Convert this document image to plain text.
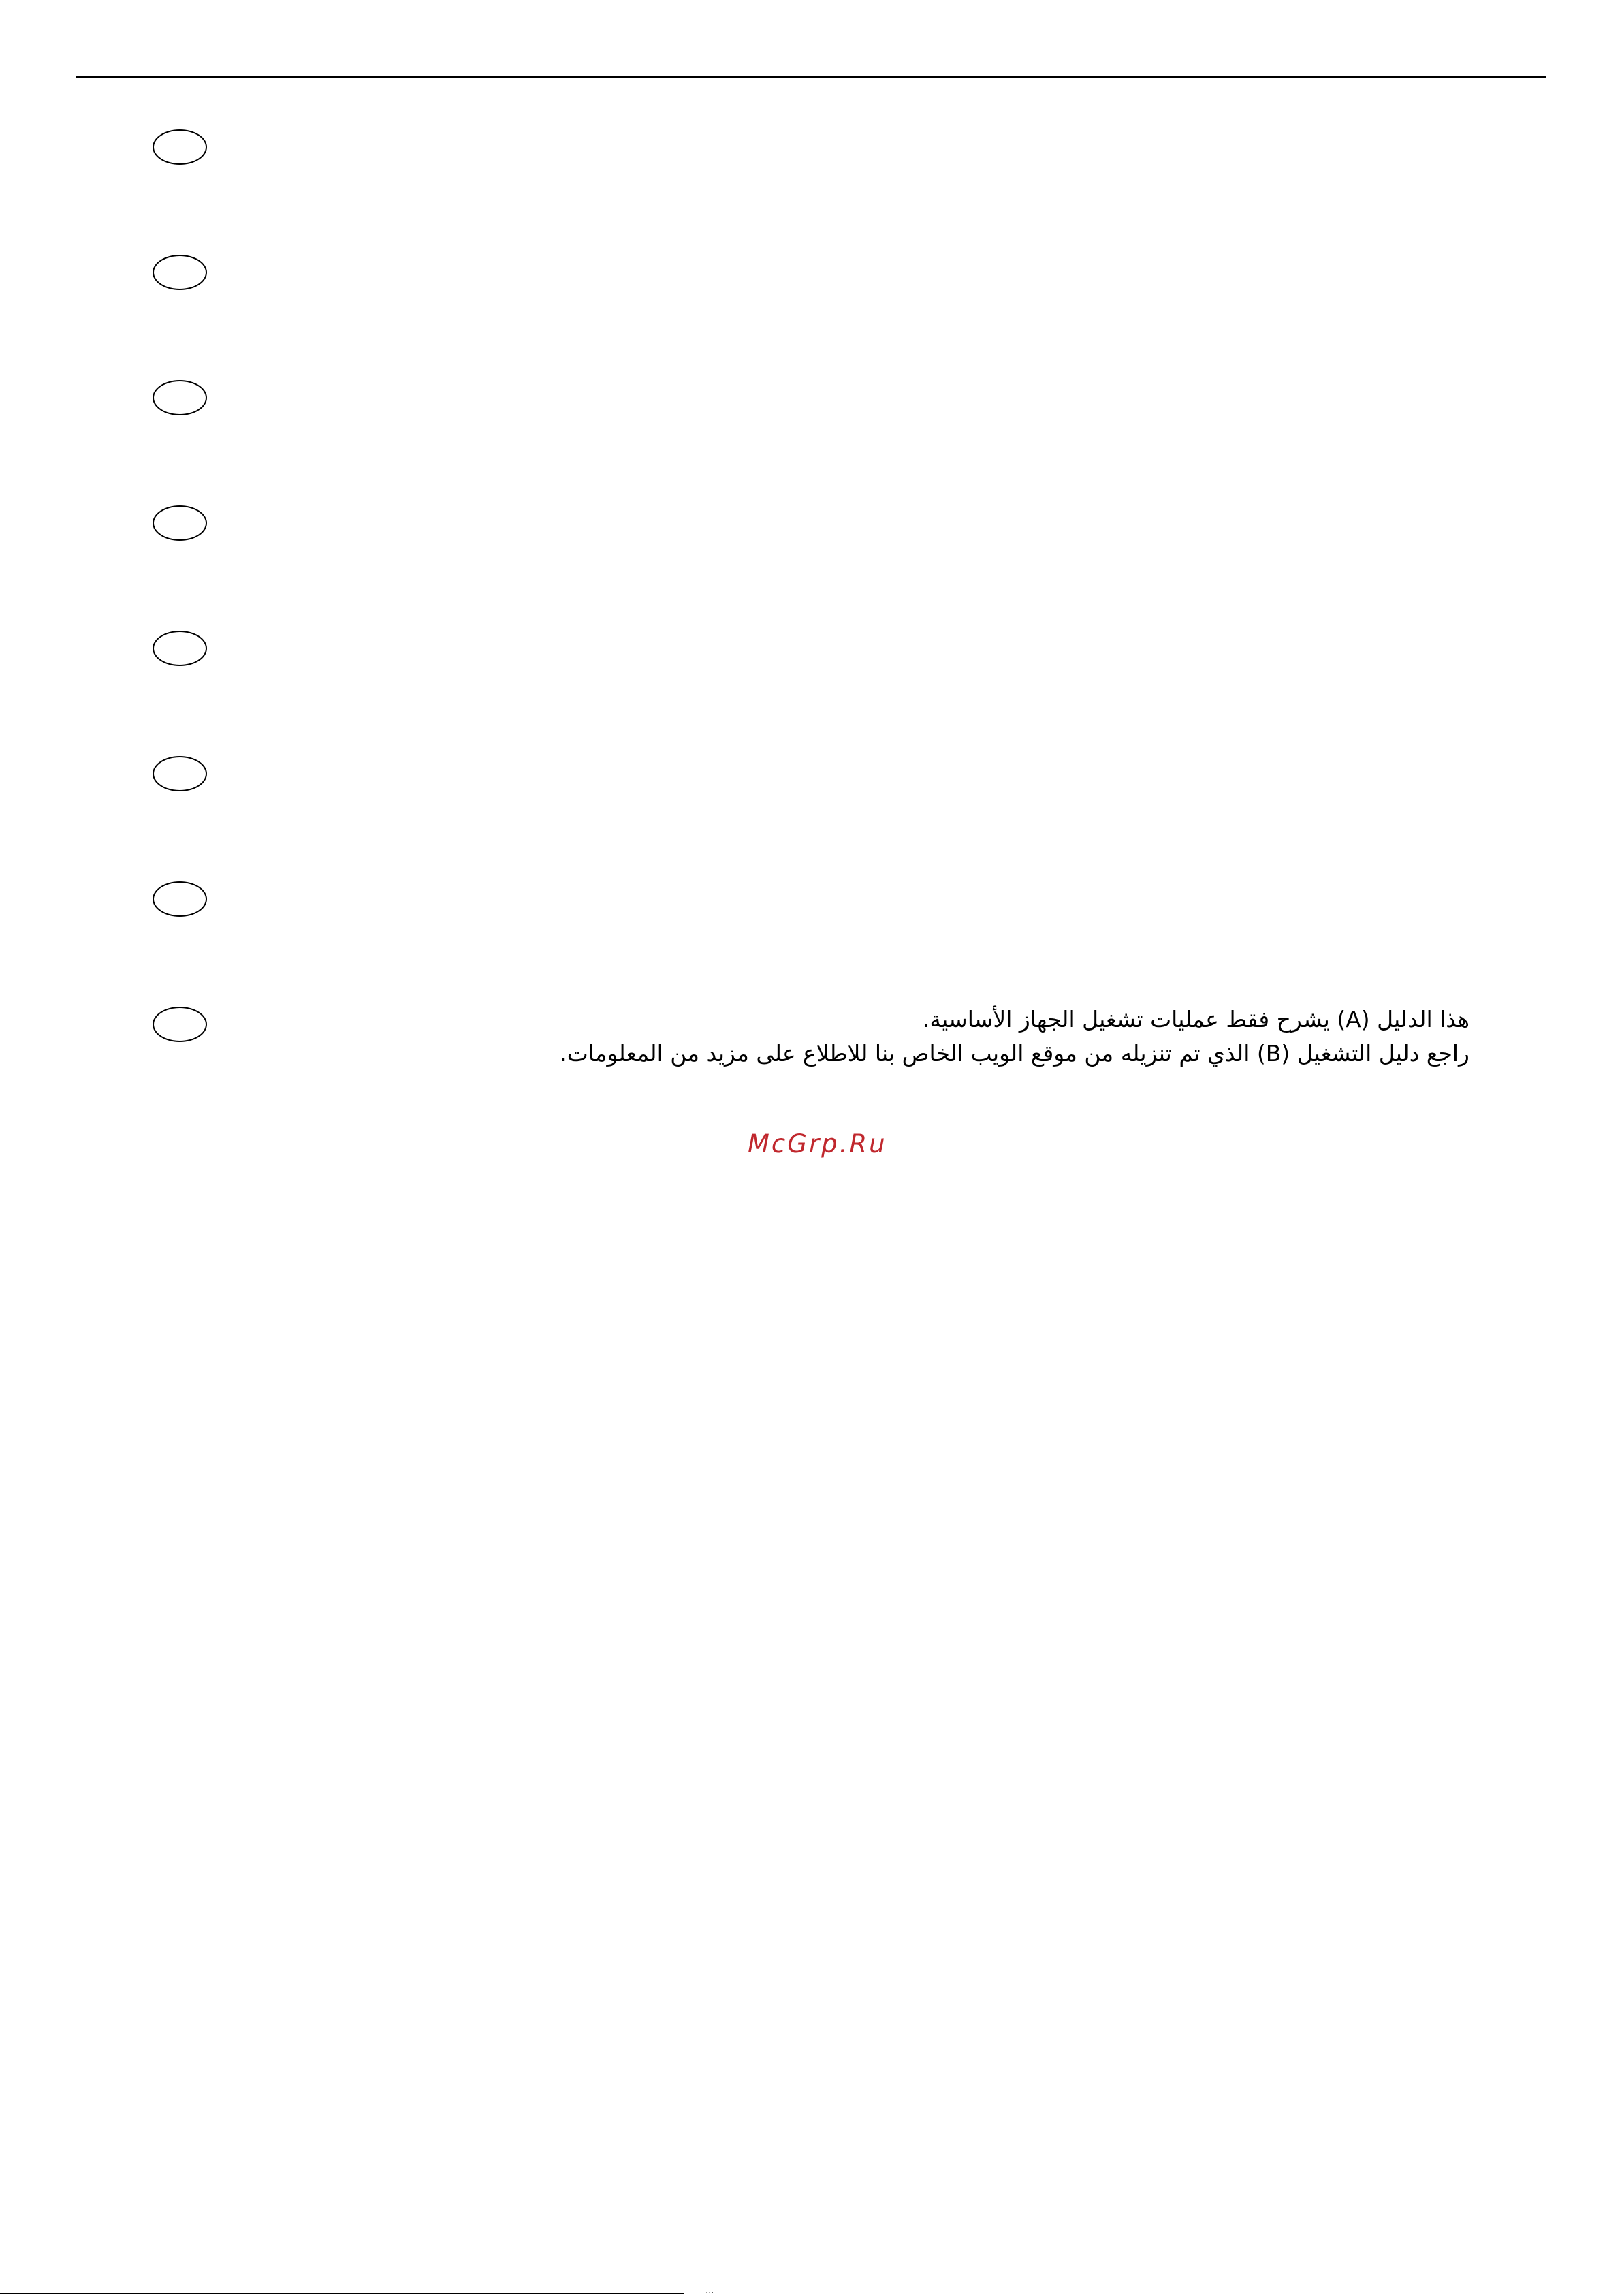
هذا الدليل (A) يشرح فقط عمليات تشغيل الجهاز الأساسية.
راجع دليل التشغيل (B) الذي تم تنزيله من موقع الويب الخاص بنا للاطلاع على مزيد من المعلومات.
McGrp.Ru
...
